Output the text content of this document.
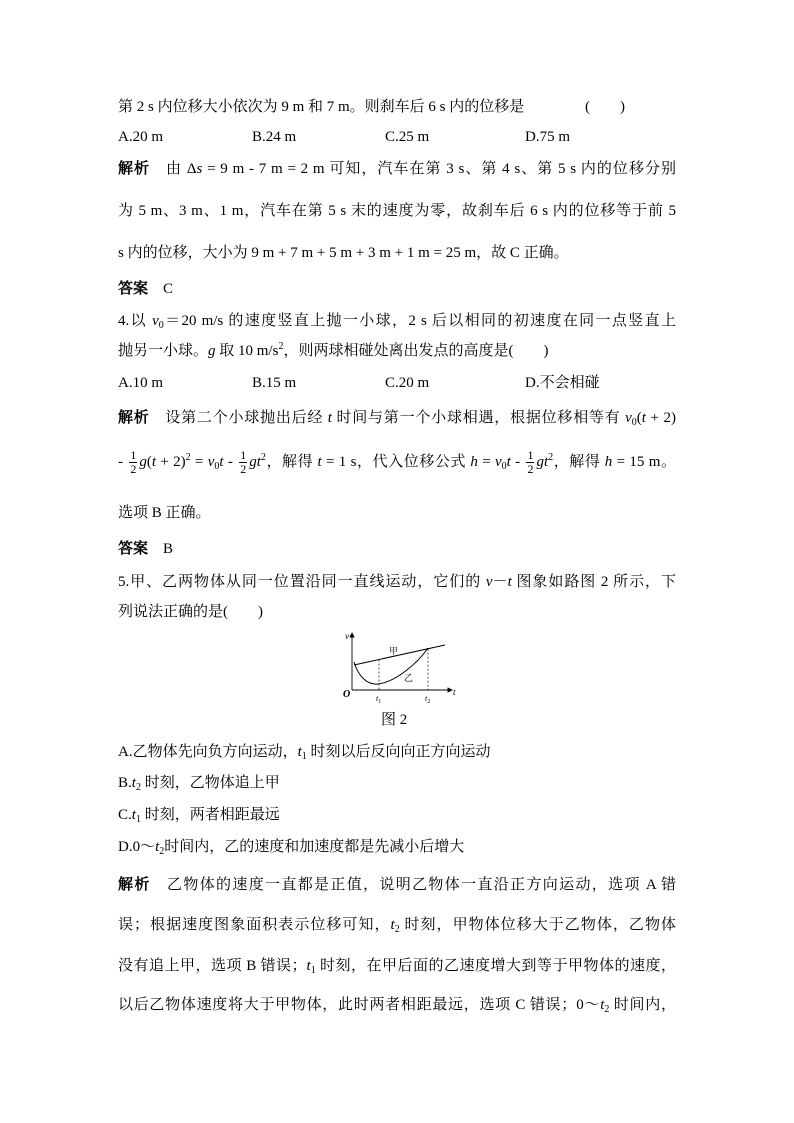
第 2 s 内位移大小依次为 9 m 和 7 m。则刹车后 6 s 内的位移是	(　　)
A.20 m	B.24 m	C.25 m	D.75 m
解析　由 Δs = 9 m - 7 m = 2 m 可知，汽车在第 3 s、第 4 s、第 5 s 内的位移分别
为 5 m、3 m、1 m，汽车在第 5 s 末的速度为零，故刹车后 6 s 内的位移等于前 5
s 内的位移，大小为 9 m + 7 m + 5 m + 3 m + 1 m = 25 m，故 C 正确。
答案　C
4.以 $v_0=20$ m/s 的速度竖直上抛一小球，2 s 后以相同的初速度在同一点竖直上
抛另一小球。g 取 10 $m/s^2$，则两球相碰处离出发点的高度是(　　)
A.10 m	B.15 m	C.20 m	D.不会相碰
解析　设第二个小球抛出后经 t 时间与第一个小球相遇，根据位移相等有 $v_0(t + 2)$
- $\frac{1}{2} g(t + 2)^2 = v_0t - \frac{1}{2} gt^2$，解得 t = 1 s，代入位移公式 $h = v_0t - \frac{1}{2} gt^2$，解得 h = 15 m。
选项 B 正确。
答案　B
5.甲、乙两物体从同一位置沿同一直线运动，它们的 v－t 图象如路图 2 所示，下
列说法正确的是(　　)
v
O	t
$t_1$	$t_2$
甲
乙
图 2
A.乙物体先向负方向运动，$t_1$ 时刻以后反向向正方向运动
$B.t_2$ 时刻，乙物体追上甲
$C.t_1$ 时刻，两者相距最远
$D.0\sim t_2$时间内，乙的速度和加速度都是先减小后增大
解析　乙物体的速度一直都是正值，说明乙物体一直沿正方向运动，选项 A 错
误；根据速度图象面积表示位移可知，$t_2$ 时刻，甲物体位移大于乙物体，乙物体
没有追上甲，选项 B 错误；$t_1$ 时刻，在甲后面的乙速度增大到等于甲物体的速度，
以后乙物体速度将大于甲物体，此时两者相距最远，选项 C 错误；$0\sim t_2$ 时间内，
